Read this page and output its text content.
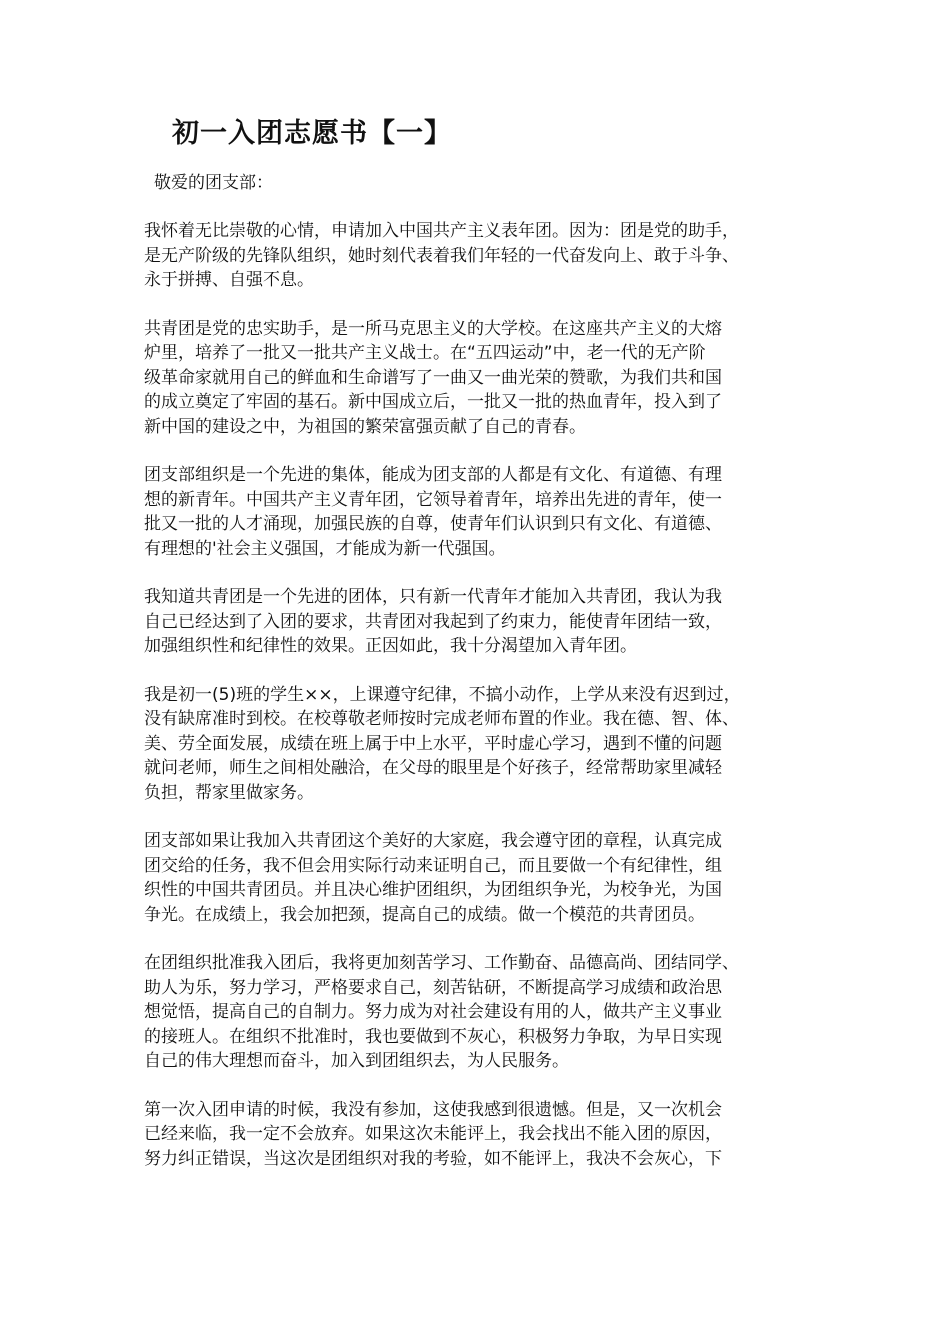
初一入团志愿书【一】

敬爱的团支部：

我怀着无比崇敬的心情，申请加入中国共产主义表年团。因为：团是党的助手，
是无产阶级的先锋队组织，她时刻代表着我们年轻的一代奋发向上、敢于斗争、
永于拼搏、自强不息。

共青团是党的忠实助手，是一所马克思主义的大学校。在这座共产主义的大熔
炉里，培养了一批又一批共产主义战士。在“五四运动”中，老一代的无产阶
级革命家就用自己的鲜血和生命谱写了一曲又一曲光荣的赞歌，为我们共和国
的成立奠定了牢固的基石。新中国成立后，一批又一批的热血青年，投入到了
新中国的建设之中，为祖国的繁荣富强贡献了自己的青春。

团支部组织是一个先进的集体，能成为团支部的人都是有文化、有道德、有理
想的新青年。中国共产主义青年团，它领导着青年，培养出先进的青年，使一
批又一批的人才涌现，加强民族的自尊，使青年们认识到只有文化、有道德、
有理想的'社会主义强国，才能成为新一代强国。

我知道共青团是一个先进的团体，只有新一代青年才能加入共青团，我认为我
自己已经达到了入团的要求，共青团对我起到了约束力，能使青年团结一致，
加强组织性和纪律性的效果。正因如此，我十分渴望加入青年团。

我是初一(5)班的学生××，上课遵守纪律，不搞小动作，上学从来没有迟到过，
没有缺席准时到校。在校尊敬老师按时完成老师布置的作业。我在德、智、体、
美、劳全面发展，成绩在班上属于中上水平，平时虚心学习，遇到不懂的问题
就问老师，师生之间相处融洽，在父母的眼里是个好孩子，经常帮助家里减轻
负担，帮家里做家务。

团支部如果让我加入共青团这个美好的大家庭，我会遵守团的章程，认真完成
团交给的任务，我不但会用实际行动来证明自己，而且要做一个有纪律性，组
织性的中国共青团员。并且决心维护团组织，为团组织争光，为校争光，为国
争光。在成绩上，我会加把颈，提高自己的成绩。做一个模范的共青团员。

在团组织批准我入团后，我将更加刻苦学习、工作勤奋、品德高尚、团结同学、
助人为乐，努力学习，严格要求自己，刻苦钻研，不断提高学习成绩和政治思
想觉悟，提高自己的自制力。努力成为对社会建设有用的人，做共产主义事业
的接班人。在组织不批准时，我也要做到不灰心，积极努力争取，为早日实现
自己的伟大理想而奋斗，加入到团组织去，为人民服务。

第一次入团申请的时候，我没有参加，这使我感到很遗憾。但是，又一次机会
已经来临，我一定不会放弃。如果这次未能评上，我会找出不能入团的原因，
努力纠正错误，当这次是团组织对我的考验，如不能评上，我决不会灰心，下
